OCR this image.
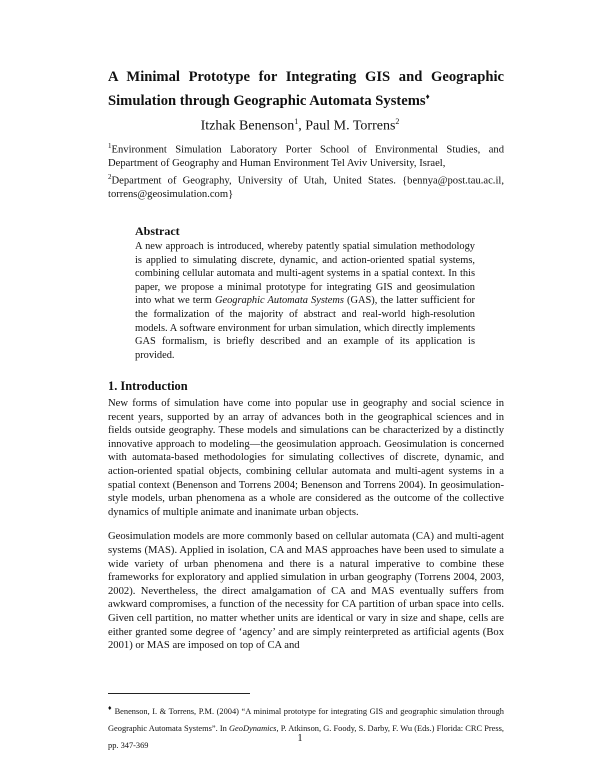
A Minimal Prototype for Integrating GIS and Geographic Simulation through Geographic Automata Systems♦
Itzhak Benenson$^1$, Paul M. Torrens$^2$
$^1$Environment Simulation Laboratory Porter School of Environmental Studies, and Department of Geography and Human Environment Tel Aviv University, Israel,
$^2$Department of Geography, University of Utah, United States. {bennya@post.tau.ac.il, torrens@geosimulation.com}
Abstract
A new approach is introduced, whereby patently spatial simulation methodology is applied to simulating discrete, dynamic, and action-oriented spatial systems, combining cellular automata and multi-agent systems in a spatial context. In this paper, we propose a minimal prototype for integrating GIS and geosimulation into what we term Geographic Automata Systems (GAS), the latter sufficient for the formalization of the majority of abstract and real-world high-resolution models. A software environment for urban simulation, which directly implements GAS formalism, is briefly described and an example of its application is provided.
1. Introduction

New forms of simulation have come into popular use in geography and social science in recent years, supported by an array of advances both in the geographical sciences and in fields outside geography. These models and simulations can be characterized by a distinctly innovative approach to modeling—the geosimulation approach. Geosimulation is concerned with automata-based methodologies for simulating collectives of discrete, dynamic, and action-oriented spatial objects, combining cellular automata and multi-agent systems in a spatial context (Benenson and Torrens 2004; Benenson and Torrens 2004). In geosimulation-style models, urban phenomena as a whole are considered as the outcome of the collective dynamics of multiple animate and inanimate urban objects.

Geosimulation models are more commonly based on cellular automata (CA) and multi-agent systems (MAS). Applied in isolation, CA and MAS approaches have been used to simulate a wide variety of urban phenomena and there is a natural imperative to combine these frameworks for exploratory and applied simulation in urban geography (Torrens 2004, 2003, 2002). Nevertheless, the direct amalgamation of CA and MAS eventually suffers from awkward compromises, a function of the necessity for CA partition of urban space into cells. Given cell partition, no matter whether units are identical or vary in size and shape, cells are either granted some degree of ‘agency’ and are simply reinterpreted as artificial agents (Box 2001) or MAS are imposed on top of CA and

♦ Benenson, I. & Torrens, P.M. (2004) “A minimal prototype for integrating GIS and geographic simulation through Geographic Automata Systems”. In GeoDynamics, P. Atkinson, G. Foody, S. Darby, F. Wu (Eds.) Florida: CRC Press, pp. 347-369
1
